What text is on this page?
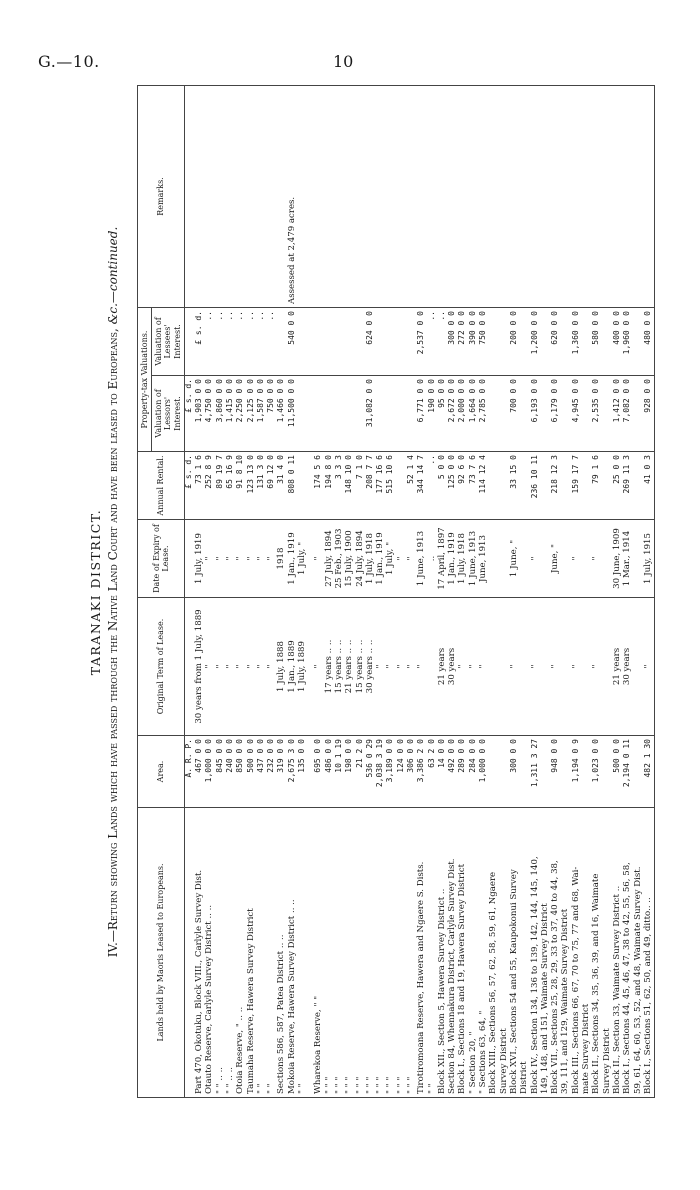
G.—10.	10
TARANAKI DISTRICT. IV.—Return showing Lands which have passed through the Native Land Court and have been leased to Europeans, &c.—continued.
Lands held by Maoris Leased to Europeans.	Area.	Original Term of Lease.	Date of Expiry of Lease.	Annual Rental.	Property-tax Valuations.		Remarks.
					Valuation of Lessors' Interest.	Valuation of Lessees' Interest.	
	A. R. P.			£ s. d.	£ s. d.		
Part 470, Okotuku, Block VIII., Carlyle Survey Dist.	467 0 0	30 years from 1 July, 1889	1 July, 1919	73 1 6	1,903 0 0	£ s. d.	
Otauto Reserve, Carlyle Survey District .. ..	1,000 0 0	"	"	252 8 9	4,750 0 0	..	
" " .. ..	845 0 0	"	"	89 19 7	3,860 0 0	..	
" " .. ..	240 0 0	"	"	65 16 9	1,415 0 0	..	
Otoia Reserve, " .. ..	850 0 0	"	"	91 8 10	2,250 0 0	..	
Taumaha Reserve, Hawera Survey District	500 0 0	"	"	123 13 0	2,125 0 0	..	
" "	437 0 0	"	"	131 3 0	1,587 0 0	..	
" "	232 0 0	"	"	69 12 0	750 0 0	..	
Sections 586, 587, Patea District .. ..	319 0 0	1 July, 1888	1918	31 4 0	1,466 0 0		
Mokoia Reserve, Hawera Survey District .. ..	2,675 3 0	1 Jan., 1889	1 Jan., 1919	808 0 11	11,500 0 0	540 0 0	Assessed at 2,479 acres.
" "	135 0 0	1 July, 1889	1 July, "				

Wharekoa Reserve, " "	695 0 0	"	"	174 5 6			
" " "	486 0 0	17 years .. ..	27 July, 1894	194 8 0			
" " "	10 1 19	15 years .. ..	25 Feb., 1903	3 3 3			
" " "	198 0 0	21 years .. ..	15 July, 1900	148 10 0			
" " "	21 2 0	15 years .. ..	24 July, 1894	7 1 0			
" " "	536 0 29	30 years .. ..	1 July, 1918	208 7 7	31,082 0 0	624 0 0	
" " "	2,038 3 19	"	1 Jan., 1919	177 16 6			
" " "	3,189 0 0	"	1 July, "	515 10 6			
" " "	124 0 0	"	"				
" " "	306 0 0	"	"	52 1 4			
Tirotiromoana Reserve, Hawera and Ngaere S. Dists.	3,386 2 0	"	1 June, 1913	344 14 7	6,771 0 0	2,537 0 0	
" "	63 2 0		..	..	190 0 0	..	
Block XII., Section 5, Hawera Survey District ..	14 0 0	21 years	17 April, 1897	5 0 0	95 0 0	..	
Section 84, Whennakura District, Carlyle Survey Dist.	492 0 0	30 years	1 Jan., 1919	125 0 0	2,672 0 0	300 0 0	
Block I., Sections 18 and 19, Hawera Survey District	289 0 0	"	1 July, 1918	92 6 0	2,000 0 0	272 0 0	
" Section 20, "	284 0 0	"	1 June, 1913	73 7 6	1,664 0 0	390 0 0	
" Sections 63, 64, "	1,000 0 0	"	June, 1913	114 12 4	2,785 0 0	750 0 0	
Block XIII., Sections 56, 57, 62, 58, 59, 61, Ngaere							
Survey District							
Block XVI., Sections 54 and 55, Kaupokonui Survey	300 0 0	"	1 June, "	33 15 0	700 0 0	200 0 0	
District							
Block IV., Section 134, 136 to 139, 142, 144, 145, 140,	1,311 3 27	"	"	236 10 11	6,193 0 0	1,200 0 0	
149, 148, and 151, Waimate Survey District							
Block VII., Sections 25, 28, 29, 33 to 37, 40 to 44, 38,	948 0 0	"	June, "	218 12 3	6,179 0 0	620 0 0	
39, 111, and 129, Waimate Survey District							
Block III., Sections 66, 67, 70 to 75, 77 and 68, Wai-	1,194 0 9	"	"	159 17 7	4,945 0 0	1,360 0 0	
mate Survey District							
Block II., Sections 34, 35, 36, 39, and 16, Waimate	1,023 0 0	"	"	79 1 6	2,535 0 0	580 0 0	
Survey District							
Block II., Section 33, Waimate Survey District ..	500 0 0	21 years	30 June, 1909	25 0 0	1,412 0 0	400 0 0	
Block I., Sections 44, 45, 46, 47, 38 to 42, 55, 56, 58,	2,194 0 11	30 years	1 Mar., 1914	269 11 3	7,082 0 0	1,960 0 0	
59, 61, 64, 60, 53, 52, and 48, Waimate Survey Dist.							
Block I., Sections 51, 62, 50, and 49, ditto.. ..	482 1 30	"	1 July, 1915	41 0 3	928 0 0	480 0 0	
